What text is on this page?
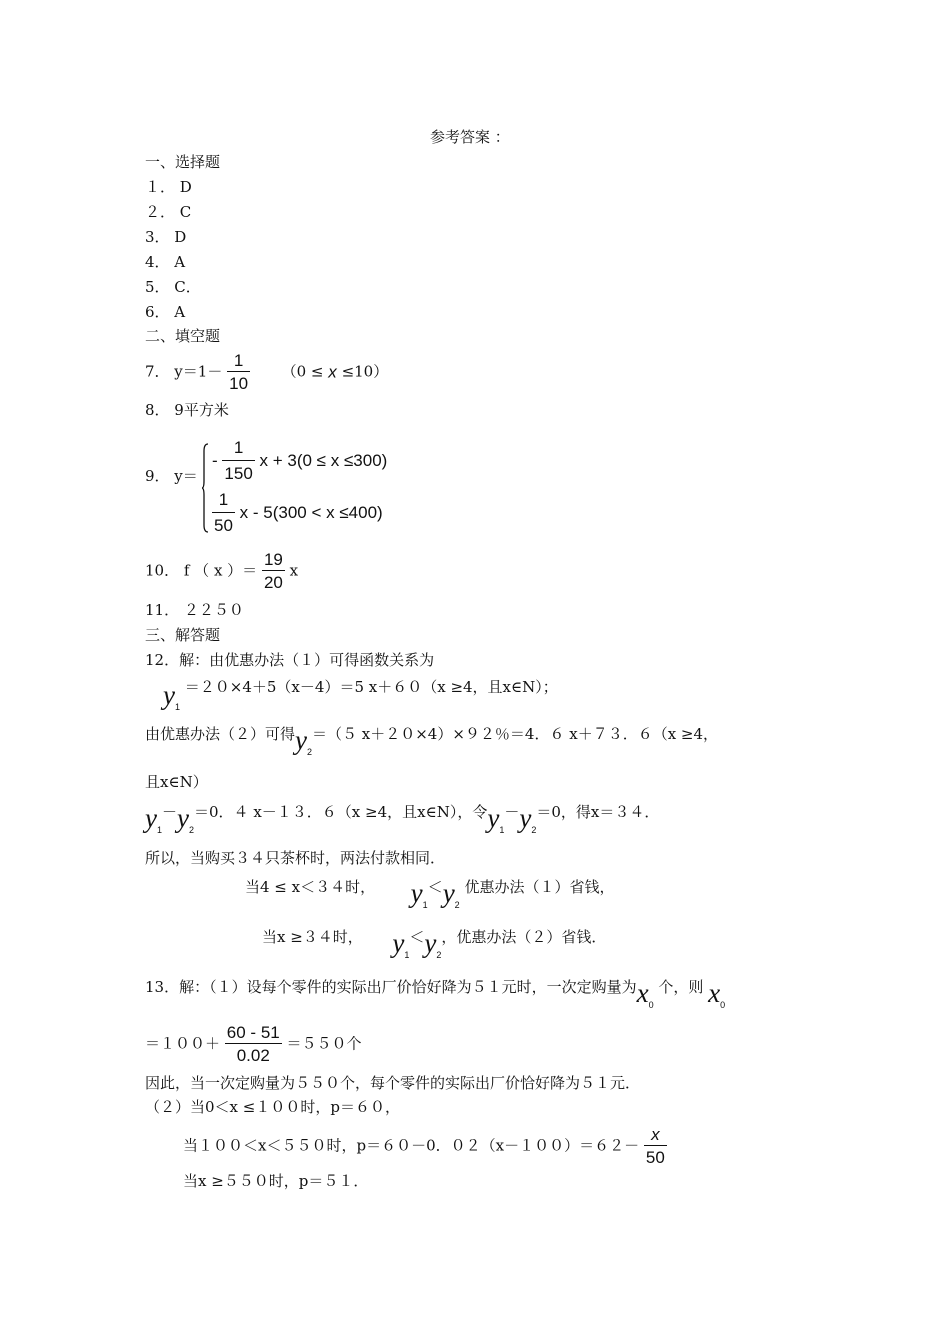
参考答案 ：
一、选择题
１． D
２． C
3． D
4． A
5． C．
6． A
二、填空题
7． $y=1- \frac{1}{10} (0 \le x \le 10)$
8． 9平方米
9． y＝
- $\frac{1}{150}$ x + 3(0 ≤ x ≤300)
$\frac{1}{50}$ x - 5(300 < x ≤400)
10． f （ x ）＝ $\frac{19}{20}$ x
11． ２２５０
三、解答题
12．解：由优惠办法（１）可得函数关系为
$y_1 =20\times 4+5(x-4)=5$ x＋６０（x ≥4，且x∈N）；
由优惠办法（２）可得$y_2=(5$ x＋２０×4）×９２％＝4．６ x＋７３．６（x ≥4，
且x∈N）
$y_1-y_2=0$．４ x－１３．６（x ≥4，且x∈N），令$y_1-y_2=0$，得x＝３４．
所以，当购买３４只茶杯时，两法付款相同．
当4 ≤ x＜３４时， $y_1<y_2$ 优惠办法（１）省钱，
当x ≥３４时， $y_1<y_2$，优惠办法（２）省钱．
13．解：（１）设每个零件的实际出厂价恰好降为５１元时，一次定购量为$x_0$ 个，则 $x_0$
$=100+ \frac{60 - 51}{0.02} =550$个
因此，当一次定购量为５５０个，每个零件的实际出厂价恰好降为５１元．
（２）当0＜x ≤１００时，p＝６０，
当１００＜x＜５５０时，p＝６０－0．$02(x-100)=62- \frac{x}{50}$
当x ≥５５０时，p＝５１．
